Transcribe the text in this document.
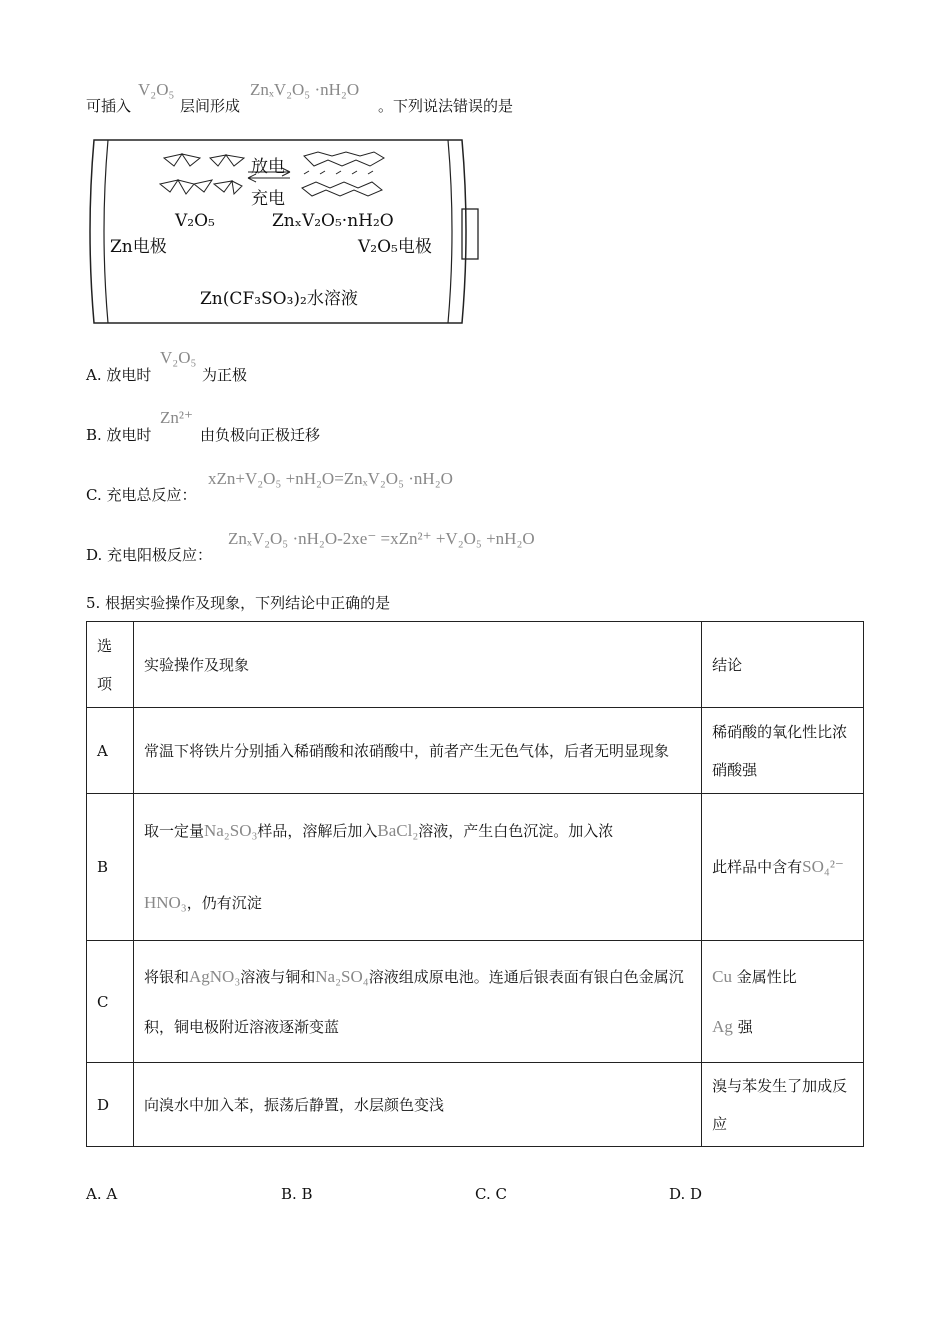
可插入
V₂O₅
层间形成
ZnₓV₂O₅ ·nH₂O
。下列说法错误的是
放电
充电
V₂O₅	ZnₓV₂O₅·nH₂O
Zn电极	V₂O₅电极
Zn(CF₃SO₃)₂水溶液
A. 放电时
V₂O₅
为正极
B. 放电时
Zn²⁺
由负极向正极迁移
C. 充电总反应：
xZn+V₂O₅ +nH₂O=ZnₓV₂O₅ ·nH₂O
D. 充电阳极反应：
ZnₓV₂O₅ ·nH₂O-2xe⁻ =xZn²⁺ +V₂O₅ +nH₂O
5. 根据实验操作及现象，下列结论中正确的是
选项	实验操作及现象	结论
A	常温下将铁片分别插入稀硝酸和浓硝酸中，前者产生无色气体，后者无明显现象	稀硝酸的氧化性比浓硝酸强
B	取一定量Na₂SO₃样品，溶解后加入BaCl₂溶液，产生白色沉淀。加入浓
HNO₃，仍有沉淀	此样品中含有SO₄²⁻
C	将银和AgNO₃溶液与铜和Na₂SO₄溶液组成原电池。连通后银表面有银白色金属沉积，铜电极附近溶液逐渐变蓝	Cu 金属性比
Ag 强
D	向溴水中加入苯，振荡后静置，水层颜色变浅	溴与苯发生了加成反应
A. A	B. B	C. C	D. D
